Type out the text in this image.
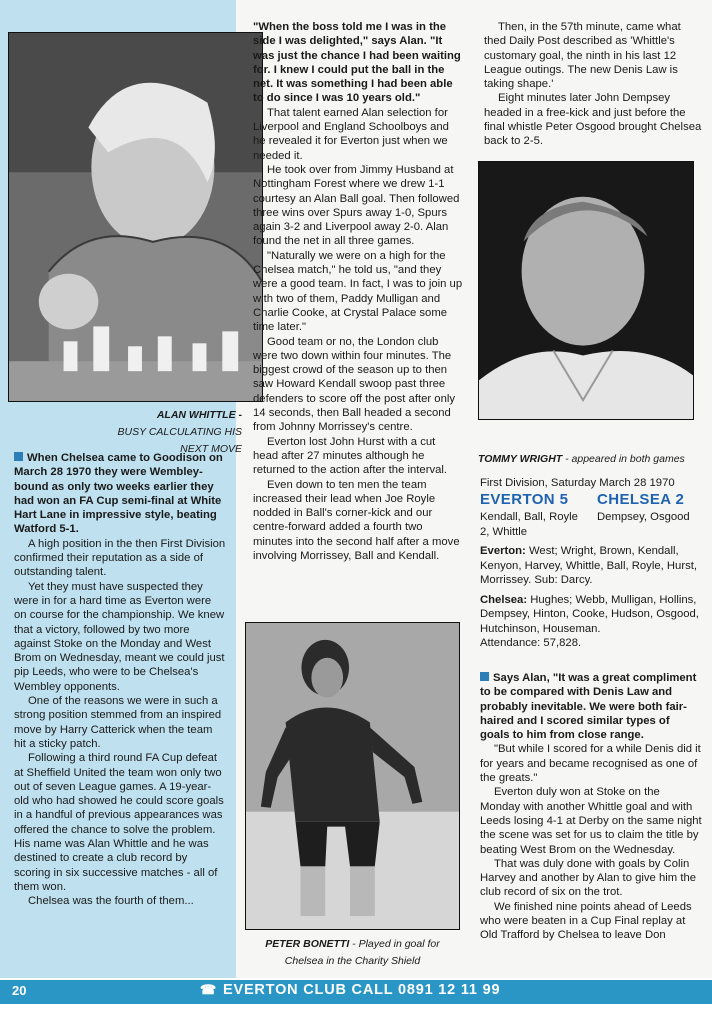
ALAN WHITTLE -
BUSY CALCULATING HIS NEXT MOVE

When Chelsea came to Goodison on March 28 1970 they were Wembley-bound as only two weeks earlier they had won an FA Cup semi-final at White Hart Lane in impressive style, beating Watford 5-1.

A high position in the then First Division confirmed their reputation as a side of outstanding talent.

Yet they must have suspected they were in for a hard time as Everton were on course for the championship. We knew that a victory, followed by two more against Stoke on the Monday and West Brom on Wednesday, meant we could just pip Leeds, who were to be Chelsea's Wembley opponents.

One of the reasons we were in such a strong position stemmed from an inspired move by Harry Catterick when the team hit a sticky patch.

Following a third round FA Cup defeat at Sheffield United the team won only two out of seven League games. A 19-year-old who had showed he could score goals in a handful of previous appearances was offered the chance to solve the problem. His name was Alan Whittle and he was destined to create a club record by scoring in six successive matches - all of them won.

Chelsea was the fourth of them...

"When the boss told me I was in the side I was delighted," says Alan. "It was just the chance I had been waiting for. I knew I could put the ball in the net. It was something I had been able to do since I was 10 years old."

That talent earned Alan selection for Liverpool and England Schoolboys and he revealed it for Everton just when we needed it.

He took over from Jimmy Husband at Nottingham Forest where we drew 1-1 courtesy an Alan Ball goal. Then followed three wins over Spurs away 1-0, Spurs again 3-2 and Liverpool away 2-0. Alan found the net in all three games.

"Naturally we were on a high for the Chelsea match," he told us, "and they were a good team. In fact, I was to join up with two of them, Paddy Mulligan and Charlie Cooke, at Crystal Palace some time later."

Good team or no, the London club were two down within four minutes. The biggest crowd of the season up to then saw Howard Kendall swoop past three defenders to score off the post after only 14 seconds, then Ball headed a second from Johnny Morrissey's centre.

Everton lost John Hurst with a cut head after 27 minutes although he returned to the action after the interval.

Even down to ten men the team increased their lead when Joe Royle nodded in Ball's corner-kick and our centre-forward added a fourth two minutes into the second half after a move involving Morrissey, Ball and Kendall.

PETER BONETTI - Played in goal for
Chelsea in the Charity Shield

Then, in the 57th minute, came what thed Daily Post described as 'Whittle's customary goal, the ninth in his last 12 League outings. The new Denis Law is taking shape.'

Eight minutes later John Dempsey headed in a free-kick and just before the final whistle Peter Osgood brought Chelsea back to 2-5.

TOMMY WRIGHT - appeared in both games
First Division, Saturday March 28 1970
EVERTON 5 CHELSEA 2
Kendall, Ball, Royle 2, Whittle
Dempsey, Osgood
Everton: West; Wright, Brown, Kendall, Kenyon, Harvey, Whittle, Ball, Royle, Hurst, Morrissey. Sub: Darcy.
Chelsea: Hughes; Webb, Mulligan, Hollins, Dempsey, Hinton, Cooke, Hudson, Osgood, Hutchinson, Houseman.
Attendance: 57,828.

Says Alan, "It was a great compliment to be compared with Denis Law and probably inevitable. We were both fair-haired and I scored similar types of goals to him from close range.

"But while I scored for a while Denis did it for years and became recognised as one of the greats."

Everton duly won at Stoke on the Monday with another Whittle goal and with Leeds losing 4-1 at Derby on the same night the scene was set for us to claim the title by beating West Brom on the Wednesday.

That was duly done with goals by Colin Harvey and another by Alan to give him the club record of six on the trot.

We finished nine points ahead of Leeds who were beaten in a Cup Final replay at Old Trafford by Chelsea to leave Don

20	☎ EVERTON CLUB CALL 0891 12 11 99
